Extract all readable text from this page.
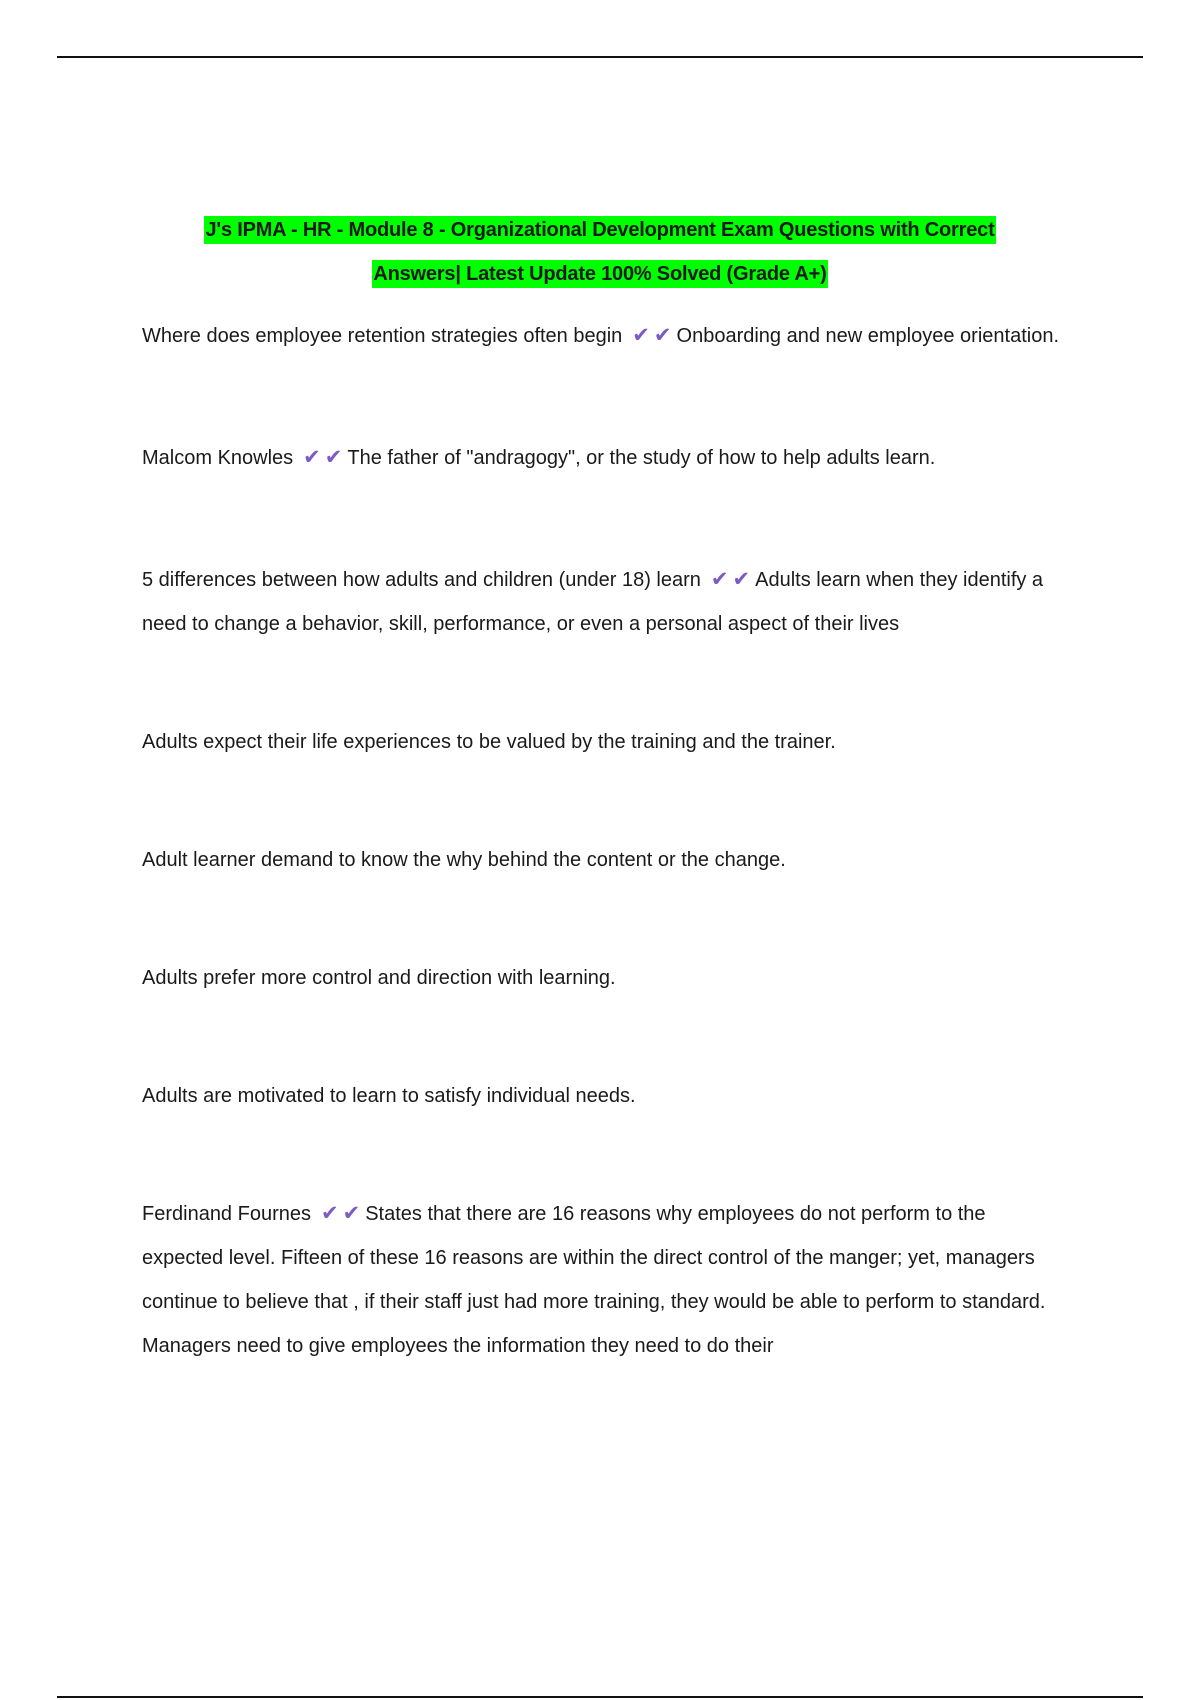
J's IPMA - HR - Module 8 - Organizational Development Exam Questions with Correct
Answers| Latest Update 100% Solved (Grade A+)

Where does employee retention strategies often begin ✔ ✔ Onboarding and new employee orientation.

Malcom Knowles ✔ ✔ The father of "andragogy", or the study of how to help adults learn.

5 differences between how adults and children (under 18) learn ✔ ✔ Adults learn when they identify a need to change a behavior, skill, performance, or even a personal aspect of their lives

Adults expect their life experiences to be valued by the training and the trainer.

Adult learner demand to know the why behind the content or the change.

Adults prefer more control and direction with learning.

Adults are motivated to learn to satisfy individual needs.

Ferdinand Fournes ✔ ✔ States that there are 16 reasons why employees do not perform to the expected level. Fifteen of these 16 reasons are within the direct control of the manger; yet, managers continue to believe that , if their staff just had more training, they would be able to perform to standard. Managers need to give employees the information they need to do their
